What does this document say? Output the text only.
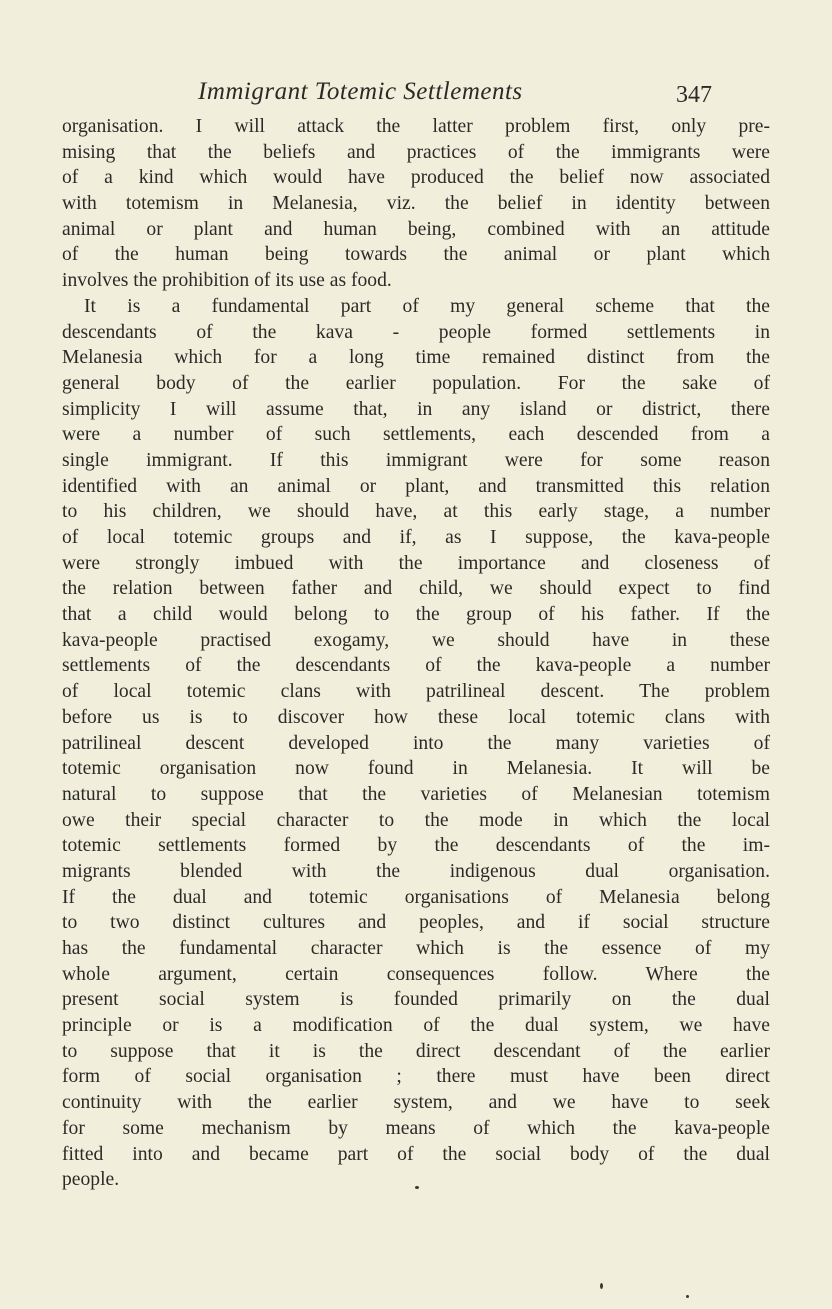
Immigrant Totemic Settlements	347
organisation. I will attack the latter problem first, only pre-
mising that the beliefs and practices of the immigrants were
of a kind which would have produced the belief now associated
with totemism in Melanesia, viz. the belief in identity between
animal or plant and human being, combined with an attitude
of the human being towards the animal or plant which
involves the prohibition of its use as food.
It is a fundamental part of my general scheme that the
descendants of the kava - people formed settlements in
Melanesia which for a long time remained distinct from the
general body of the earlier population. For the sake of
simplicity I will assume that, in any island or district, there
were a number of such settlements, each descended from a
single immigrant. If this immigrant were for some reason
identified with an animal or plant, and transmitted this relation
to his children, we should have, at this early stage, a number
of local totemic groups and if, as I suppose, the kava-people
were strongly imbued with the importance and closeness of
the relation between father and child, we should expect to find
that a child would belong to the group of his father. If the
kava-people practised exogamy, we should have in these
settlements of the descendants of the kava-people a number
of local totemic clans with patrilineal descent. The problem
before us is to discover how these local totemic clans with
patrilineal descent developed into the many varieties of
totemic organisation now found in Melanesia. It will be
natural to suppose that the varieties of Melanesian totemism
owe their special character to the mode in which the local
totemic settlements formed by the descendants of the im-
migrants blended with the indigenous dual organisation.
If the dual and totemic organisations of Melanesia belong
to two distinct cultures and peoples, and if social structure
has the fundamental character which is the essence of my
whole argument, certain consequences follow. Where the
present social system is founded primarily on the dual
principle or is a modification of the dual system, we have
to suppose that it is the direct descendant of the earlier
form of social organisation ; there must have been direct
continuity with the earlier system, and we have to seek
for some mechanism by means of which the kava-people
fitted into and became part of the social body of the dual
people.
